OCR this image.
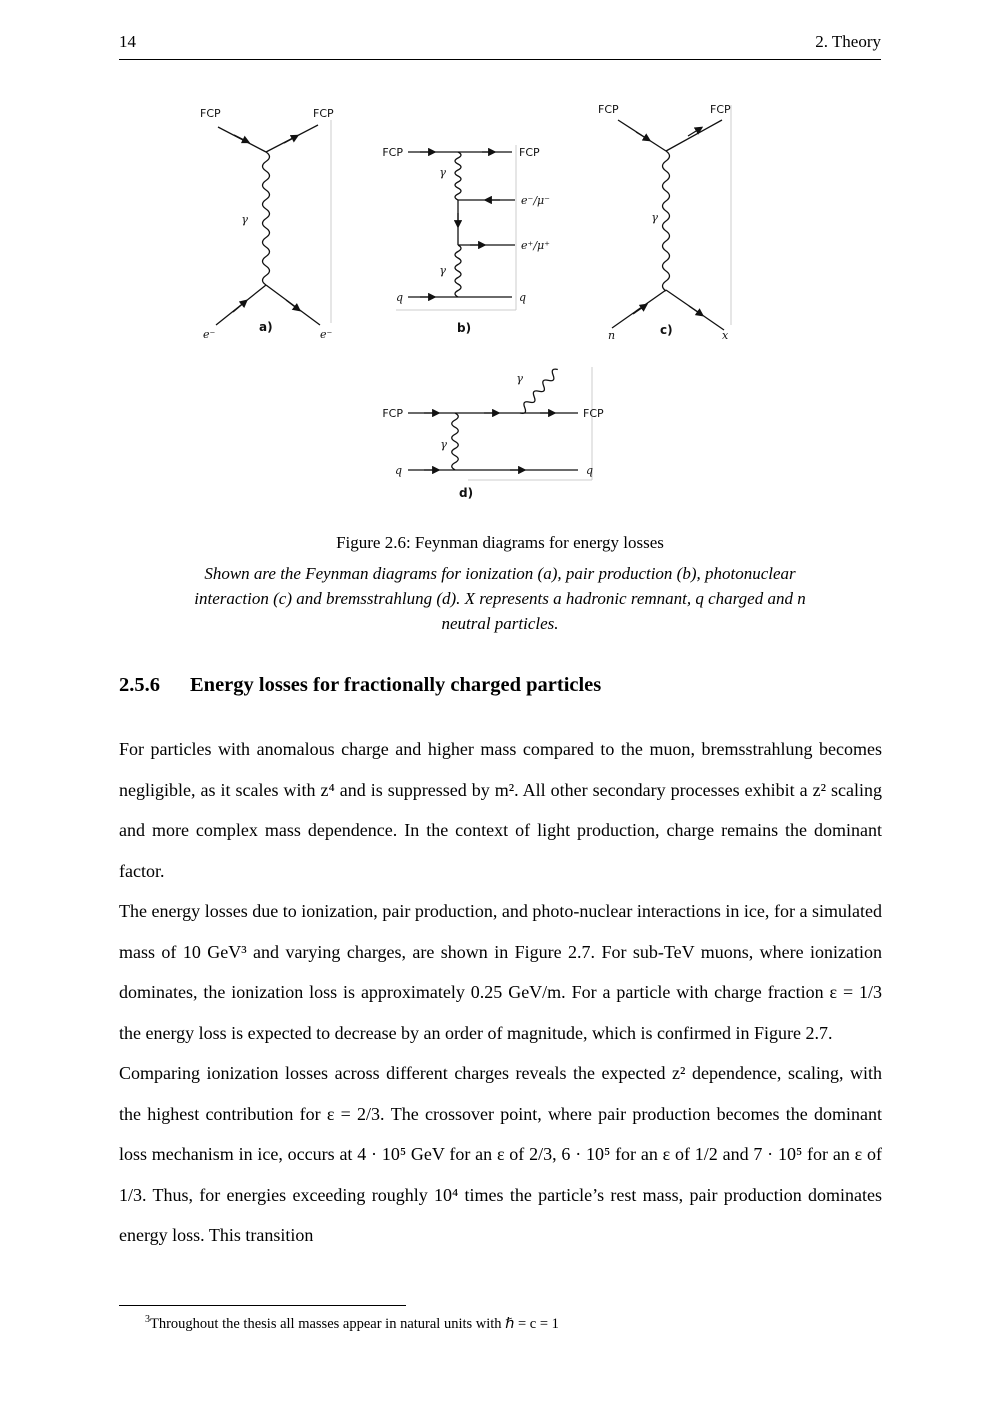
14	2. Theory
FCP	FCP
γ
e⁻	e⁻
a)
FCP	FCP
γ
e⁻/μ⁻
e⁺/μ⁺
γ
q	q
b)
FCP	FCP
γ
n	x
c)
FCP	FCP
γ
γ
q	q
d)
Figure 2.6: Feynman diagrams for energy losses
Shown are the Feynman diagrams for ionization (a), pair production (b), photonuclear
interaction (c) and bremsstrahlung (d). X represents a hadronic remnant, q charged and n
neutral particles.
2.5.6 Energy losses for fractionally charged particles

For particles with anomalous charge and higher mass compared to the muon, bremsstrahlung becomes negligible, as it scales with z⁴ and is suppressed by m². All other secondary processes exhibit a z² scaling and more complex mass dependence. In the context of light production, charge remains the dominant factor.

The energy losses due to ionization, pair production, and photo-nuclear interactions in ice, for a simulated mass of 10 GeV³ and varying charges, are shown in Figure 2.7. For sub-TeV muons, where ionization dominates, the ionization loss is approximately 0.25 GeV/m. For a particle with charge fraction ε = 1/3 the energy loss is expected to decrease by an order of magnitude, which is confirmed in Figure 2.7.

Comparing ionization losses across different charges reveals the expected z² dependence, scaling, with the highest contribution for ε = 2/3. The crossover point, where pair production becomes the dominant loss mechanism in ice, occurs at 4 · 10⁵ GeV for an ε of 2/3, 6 · 10⁵ for an ε of 1/2 and 7 · 10⁵ for an ε of 1/3. Thus, for energies exceeding roughly 10⁴ times the particle’s rest mass, pair production dominates energy loss. This transition

$^3$Throughout the thesis all masses appear in natural units with ℏ = c = 1
